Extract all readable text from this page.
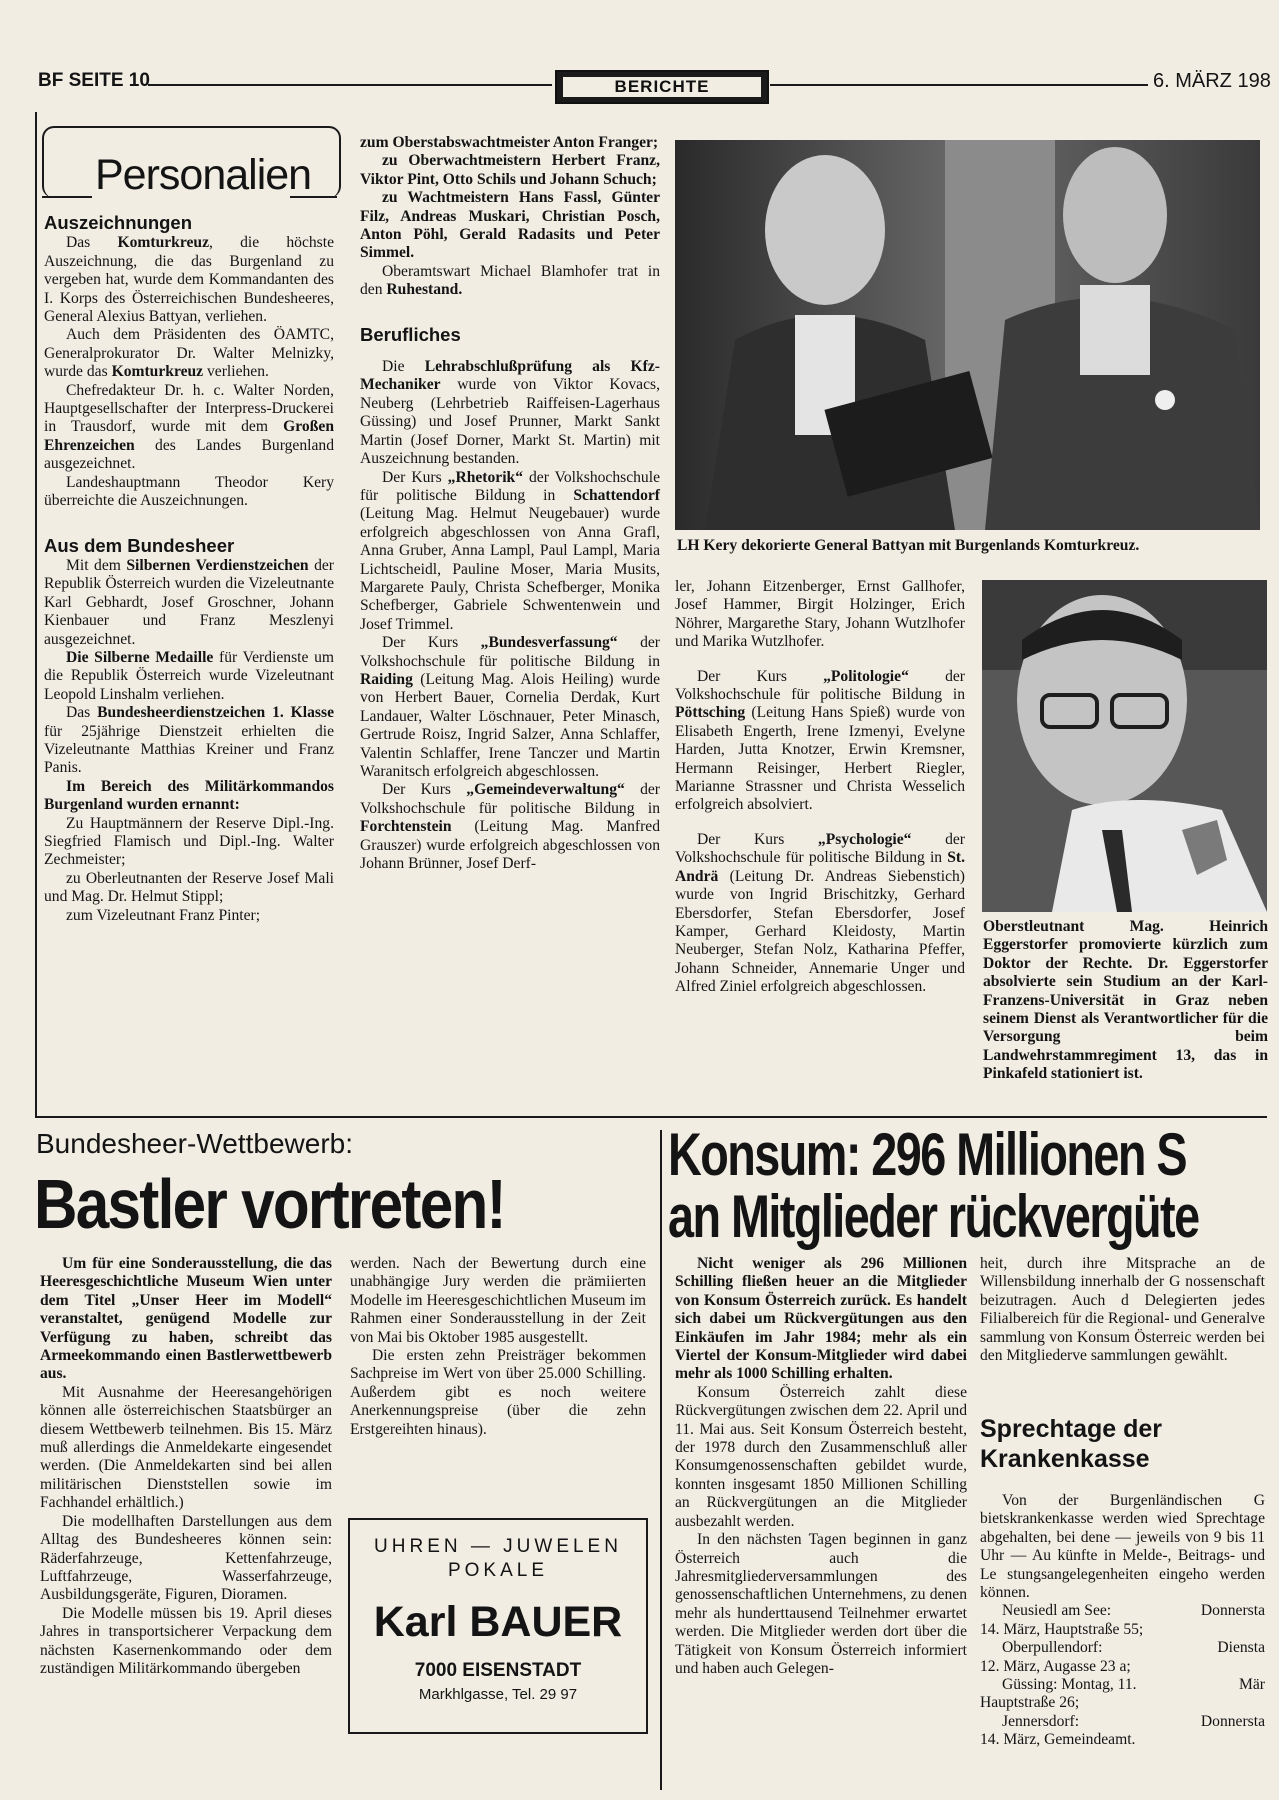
BF SEITE 10	BERICHTE	6. MÄRZ 198
Personalien
Auszeichnungen

Das Komturkreuz, die höchste Auszeichnung, die das Burgenland zu vergeben hat, wurde dem Kommandanten des I. Korps des Österreichischen Bundesheeres, General Alexius Battyan, verliehen.

Auch dem Präsidenten des ÖAMTC, Generalprokurator Dr. Walter Melnizky, wurde das Komturkreuz verliehen.

Chefredakteur Dr. h. c. Walter Norden, Hauptgesellschafter der Interpress-Druckerei in Trausdorf, wurde mit dem Großen Ehrenzeichen des Landes Burgenland ausgezeichnet.

Landeshauptmann Theodor Kery überreichte die Auszeichnungen.

Aus dem Bundesheer

Mit dem Silbernen Verdienstzeichen der Republik Österreich wurden die Vizeleutnante Karl Gebhardt, Josef Groschner, Johann Kienbauer und Franz Meszlenyi ausgezeichnet.

Die Silberne Medaille für Verdienste um die Republik Österreich wurde Vizeleutnant Leopold Linshalm verliehen.

Das Bundesheerdienstzeichen 1. Klasse für 25jährige Dienstzeit erhielten die Vizeleutnante Matthias Kreiner und Franz Panis.

Im Bereich des Militärkommandos Burgenland wurden ernannt:

Zu Hauptmännern der Reserve Dipl.-Ing. Siegfried Flamisch und Dipl.-Ing. Walter Zechmeister;

zu Oberleutnanten der Reserve Josef Mali und Mag. Dr. Helmut Stippl;

zum Vizeleutnant Franz Pinter;

zum Oberstabswachtmeister Anton Franger;

zu Oberwachtmeistern Herbert Franz, Viktor Pint, Otto Schils und Johann Schuch;

zu Wachtmeistern Hans Fassl, Günter Filz, Andreas Muskari, Christian Posch, Anton Pöhl, Gerald Radasits und Peter Simmel.

Oberamtswart Michael Blamhofer trat in den Ruhestand.

Berufliches

Die Lehrabschlußprüfung als Kfz-Mechaniker wurde von Viktor Kovacs, Neuberg (Lehrbetrieb Raiffeisen-Lagerhaus Güssing) und Josef Prunner, Markt Sankt Martin (Josef Dorner, Markt St. Martin) mit Auszeichnung bestanden.

Der Kurs „Rhetorik“ der Volkshochschule für politische Bildung in Schattendorf (Leitung Mag. Helmut Neugebauer) wurde erfolgreich abgeschlossen von Anna Grafl, Anna Gruber, Anna Lampl, Paul Lampl, Maria Lichtscheidl, Pauline Moser, Maria Musits, Margarete Pauly, Christa Schefberger, Monika Schefberger, Gabriele Schwentenwein und Josef Trimmel.

Der Kurs „Bundesverfassung“ der Volkshochschule für politische Bildung in Raiding (Leitung Mag. Alois Heiling) wurde von Herbert Bauer, Cornelia Derdak, Kurt Landauer, Walter Löschnauer, Peter Minasch, Gertrude Roisz, Ingrid Salzer, Anna Schlaffer, Valentin Schlaffer, Irene Tanczer und Martin Waranitsch erfolgreich abgeschlossen.

Der Kurs „Gemeindeverwaltung“ der Volkshochschule für politische Bildung in Forchtenstein (Leitung Mag. Manfred Grauszer) wurde erfolgreich abgeschlossen von Johann Brünner, Josef Derf-

LH Kery dekorierte General Battyan mit Burgenlands Komturkreuz.

ler, Johann Eitzenberger, Ernst Gallhofer, Josef Hammer, Birgit Holzinger, Erich Nöhrer, Margarethe Stary, Johann Wutzlhofer und Marika Wutzlhofer.

Der Kurs „Politologie“ der Volkshochschule für politische Bildung in Pöttsching (Leitung Hans Spieß) wurde von Elisabeth Engerth, Irene Izmenyi, Evelyne Harden, Jutta Knotzer, Erwin Kremsner, Hermann Reisinger, Herbert Riegler, Marianne Strassner und Christa Wesselich erfolgreich absolviert.

Der Kurs „Psychologie“ der Volkshochschule für politische Bildung in St. Andrä (Leitung Dr. Andreas Siebenstich) wurde von Ingrid Brischitzky, Gerhard Ebersdorfer, Stefan Ebersdorfer, Josef Kamper, Gerhard Kleidosty, Martin Neuberger, Stefan Nolz, Katharina Pfeffer, Johann Schneider, Annemarie Unger und Alfred Ziniel erfolgreich abgeschlossen.

Oberstleutnant Mag. Heinrich Eggerstorfer promovierte kürzlich zum Doktor der Rechte. Dr. Eggerstorfer absolvierte sein Studium an der Karl-Franzens-Universität in Graz neben seinem Dienst als Verantwortlicher für die Versorgung beim Landwehrstammregiment 13, das in Pinkafeld stationiert ist.
Bundesheer-Wettbewerb:
Bastler vortreten!

Um für eine Sonderausstellung, die das Heeresgeschichtliche Museum Wien unter dem Titel „Unser Heer im Modell“ veranstaltet, genügend Modelle zur Verfügung zu haben, schreibt das Armeekommando einen Bastlerwettbewerb aus.

Mit Ausnahme der Heeresangehörigen können alle österreichischen Staatsbürger an diesem Wettbewerb teilnehmen. Bis 15. März muß allerdings die Anmeldekarte eingesendet werden. (Die Anmeldekarten sind bei allen militärischen Dienststellen sowie im Fachhandel erhältlich.)

Die modellhaften Darstellungen aus dem Alltag des Bundesheeres können sein: Räderfahrzeuge, Kettenfahrzeuge, Luftfahrzeuge, Wasserfahrzeuge, Ausbildungsgeräte, Figuren, Dioramen.

Die Modelle müssen bis 19. April dieses Jahres in transportsicherer Verpackung dem nächsten Kasernenkommando oder dem zuständigen Militärkommando übergeben

werden. Nach der Bewertung durch eine unabhängige Jury werden die prämiierten Modelle im Heeresgeschichtlichen Museum im Rahmen einer Sonderausstellung in der Zeit von Mai bis Oktober 1985 ausgestellt.

Die ersten zehn Preisträger bekommen Sachpreise im Wert von über 25.000 Schilling. Außerdem gibt es noch weitere Anerkennungspreise (über die zehn Erstgereihten hinaus).

UHREN — JUWELEN
POKALE
Karl BAUER
7000 EISENSTADT
Markhlgasse, Tel. 29 97
Konsum: 296 Millionen S
an Mitglieder rückvergüte

Nicht weniger als 296 Millionen Schilling fließen heuer an die Mitglieder von Konsum Österreich zurück. Es handelt sich dabei um Rückvergütungen aus den Einkäufen im Jahr 1984; mehr als ein Viertel der Konsum-Mitglieder wird dabei mehr als 1000 Schilling erhalten.

Konsum Österreich zahlt diese Rückvergütungen zwischen dem 22. April und 11. Mai aus. Seit Konsum Österreich besteht, der 1978 durch den Zusammenschluß aller Konsumgenossenschaften gebildet wurde, konnten insgesamt 1850 Millionen Schilling an Rückvergütungen an die Mitglieder ausbezahlt werden.

In den nächsten Tagen beginnen in ganz Österreich auch die Jahresmitgliederversammlungen des genossenschaftlichen Unternehmens, zu denen mehr als hunderttausend Teilnehmer erwartet werden. Die Mitglieder werden dort über die Tätigkeit von Konsum Österreich informiert und haben auch Gelegen-

heit, durch ihre Mitsprache an de Willensbildung innerhalb der G nossenschaft beizutragen. Auch d Delegierten jedes Filialbereich für die Regional- und Generalve sammlung von Konsum Österreic werden bei den Mitgliederve sammlungen gewählt.

Sprechtage der Krankenkasse

Von der Burgenländischen G bietskrankenkasse werden wied Sprechtage abgehalten, bei dene — jeweils von 9 bis 11 Uhr — Au künfte in Melde-, Beitrags- und Le stungsangelegenheiten eingeho werden können.

Neusiedl am See:	Donnersta
14. März, Hauptstraße 55;
Oberpullendorf:	Diensta
12. März, Augasse 23 a;
Güssing: Montag, 11.	Mär
Hauptstraße 26;
Jennersdorf:	Donnersta
14. März, Gemeindeamt.
